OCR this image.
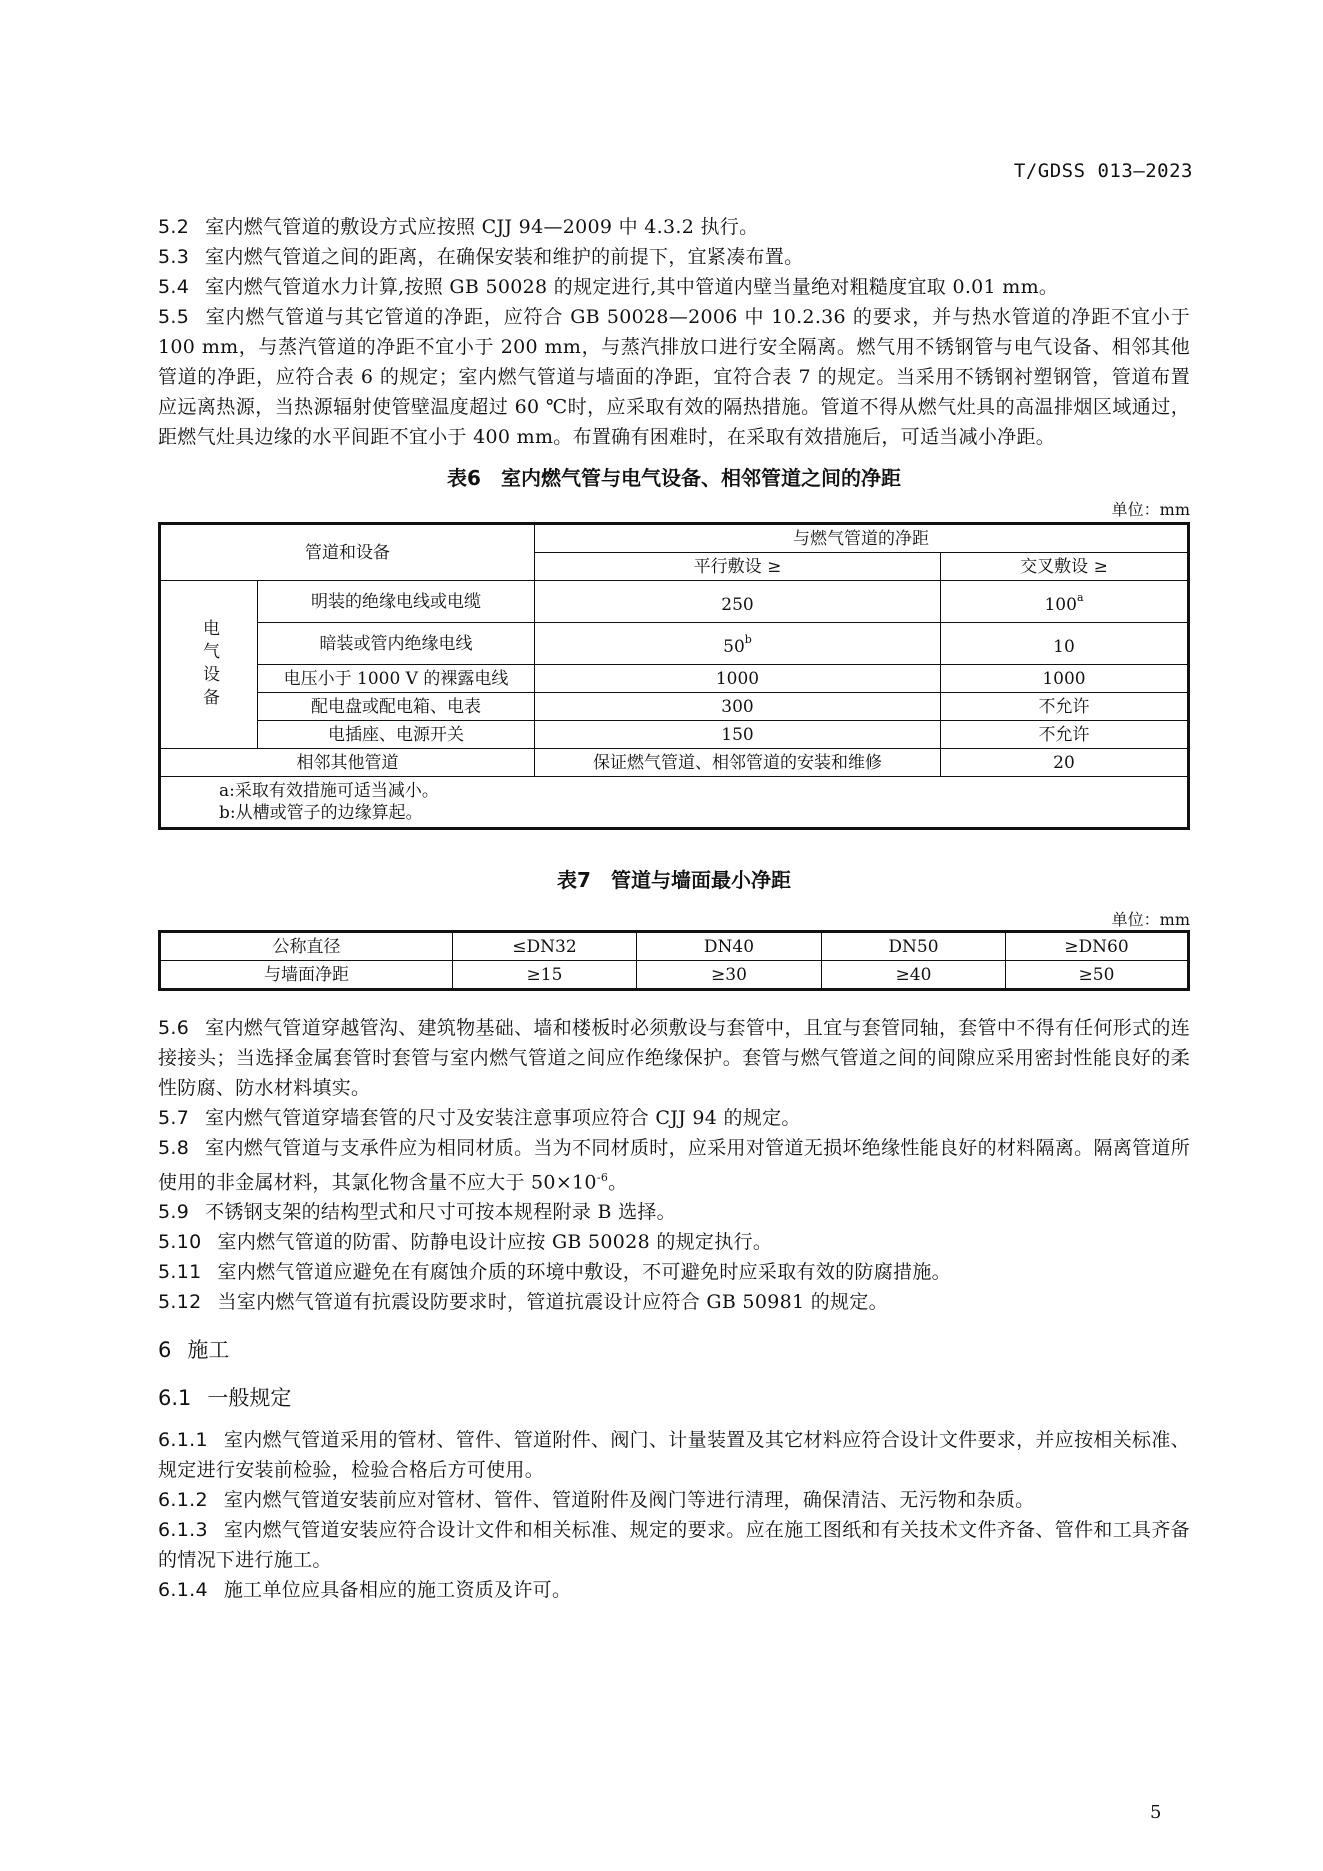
T/GDSS 013—2023

5.2 室内燃气管道的敷设方式应按照 CJJ 94—2009 中 4.3.2 执行。

5.3 室内燃气管道之间的距离，在确保安装和维护的前提下，宜紧凑布置。

5.4 室内燃气管道水力计算,按照 GB 50028 的规定进行,其中管道内壁当量绝对粗糙度宜取 0.01 mm。

5.5 室内燃气管道与其它管道的净距，应符合 GB 50028—2006 中 10.2.36 的要求，并与热水管道的净距不宜小于 100 mm，与蒸汽管道的净距不宜小于 200 mm，与蒸汽排放口进行安全隔离。燃气用不锈钢管与电气设备、相邻其他管道的净距，应符合表 6 的规定；室内燃气管道与墙面的净距，宜符合表 7 的规定。当采用不锈钢衬塑钢管，管道布置应远离热源，当热源辐射使管壁温度超过 60 ℃时，应采取有效的隔热措施。管道不得从燃气灶具的高温排烟区域通过，距燃气灶具边缘的水平间距不宜小于 400 mm。布置确有困难时，在采取有效措施后，可适当减小净距。

表6　室内燃气管与电气设备、相邻管道之间的净距

单位：mm

管道和设备		与燃气管道的净距	
		平行敷设 ≥	交叉敷设 ≥
电气设备	明装的绝缘电线或电缆	250	100$^a$
	暗装或管内绝缘电线	50$^b$	10
	电压小于 1000 V 的裸露电线	1000	1000
	配电盘或配电箱、电表	300	不允许
	电插座、电源开关	150	不允许
相邻其他管道		保证燃气管道、相邻管道的安装和维修	20

a:采取有效措施可适当减小。
b:从槽或管子的边缘算起。			

表7　管道与墙面最小净距

单位：mm

公称直径	≤DN32	DN40	DN50	≥DN60
与墙面净距	≥15	≥30	≥40	≥50

5.6 室内燃气管道穿越管沟、建筑物基础、墙和楼板时必须敷设与套管中，且宜与套管同轴，套管中不得有任何形式的连接接头；当选择金属套管时套管与室内燃气管道之间应作绝缘保护。套管与燃气管道之间的间隙应采用密封性能良好的柔性防腐、防水材料填实。

5.7 室内燃气管道穿墙套管的尺寸及安装注意事项应符合 CJJ 94 的规定。

5.8 室内燃气管道与支承件应为相同材质。当为不同材质时，应采用对管道无损坏绝缘性能良好的材料隔离。隔离管道所使用的非金属材料，其氯化物含量不应大于 $50\times 10^{-6}$。

5.9 不锈钢支架的结构型式和尺寸可按本规程附录 B 选择。

5.10 室内燃气管道的防雷、防静电设计应按 GB 50028 的规定执行。

5.11 室内燃气管道应避免在有腐蚀介质的环境中敷设，不可避免时应采取有效的防腐措施。

5.12 当室内燃气管道有抗震设防要求时，管道抗震设计应符合 GB 50981 的规定。

6 施工

6.1 一般规定

6.1.1 室内燃气管道采用的管材、管件、管道附件、阀门、计量装置及其它材料应符合设计文件要求，并应按相关标准、规定进行安装前检验，检验合格后方可使用。

6.1.2 室内燃气管道安装前应对管材、管件、管道附件及阀门等进行清理，确保清洁、无污物和杂质。

6.1.3 室内燃气管道安装应符合设计文件和相关标准、规定的要求。应在施工图纸和有关技术文件齐备、管件和工具齐备的情况下进行施工。

6.1.4 施工单位应具备相应的施工资质及许可。

5
